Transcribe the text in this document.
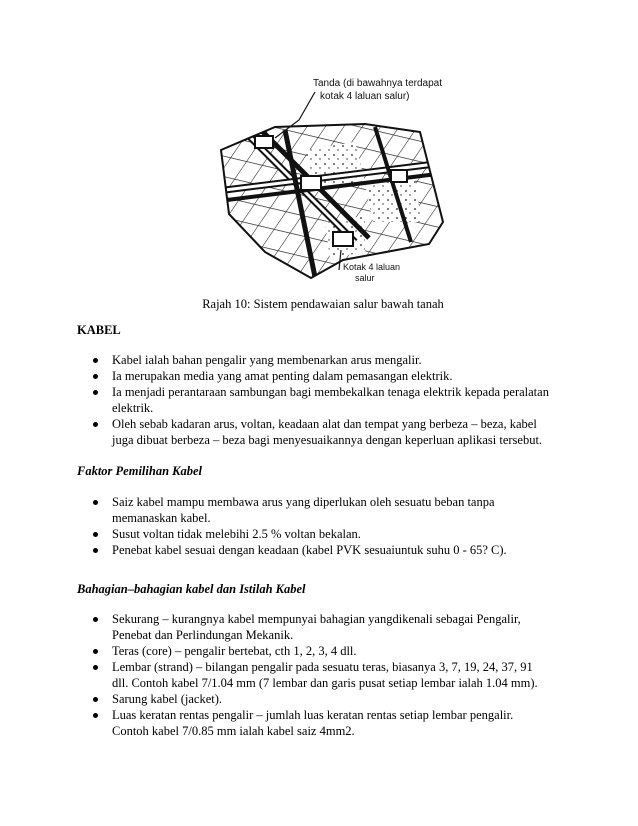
Tanda (di bawahnya terdapat
kotak 4 laluan salur)
Kotak 4 laluan
salur
Rajah 10: Sistem pendawaian salur bawah tanah
KABEL
Kabel ialah bahan pengalir yang membenarkan arus mengalir.
Ia merupakan media yang amat penting dalam pemasangan elektrik.
Ia menjadi perantaraan sambungan bagi membekalkan tenaga elektrik kepada peralatan elektrik.
Oleh sebab kadaran arus, voltan, keadaan alat dan tempat yang berbeza – beza, kabel juga dibuat berbeza – beza bagi menyesuaikannya dengan keperluan aplikasi tersebut.
Faktor Pemilihan Kabel
Saiz kabel mampu membawa arus yang diperlukan oleh sesuatu beban tanpa memanaskan kabel.
Susut voltan tidak melebihi 2.5 % voltan bekalan.
Penebat kabel sesuai dengan keadaan (kabel PVK sesuaiuntuk suhu 0 - 65? C).
Bahagian–bahagian kabel dan Istilah Kabel
Sekurang – kurangnya kabel mempunyai bahagian yangdikenali sebagai Pengalir, Penebat dan Perlindungan Mekanik.
Teras (core) – pengalir bertebat, cth 1, 2, 3, 4 dll.
Lembar (strand) – bilangan pengalir pada sesuatu teras, biasanya 3, 7, 19, 24, 37, 91 dll. Contoh kabel 7/1.04 mm (7 lembar dan garis pusat setiap lembar ialah 1.04 mm).
Sarung kabel (jacket).
Luas keratan rentas pengalir – jumlah luas keratan rentas setiap lembar pengalir. Contoh kabel 7/0.85 mm ialah kabel saiz 4mm2.
